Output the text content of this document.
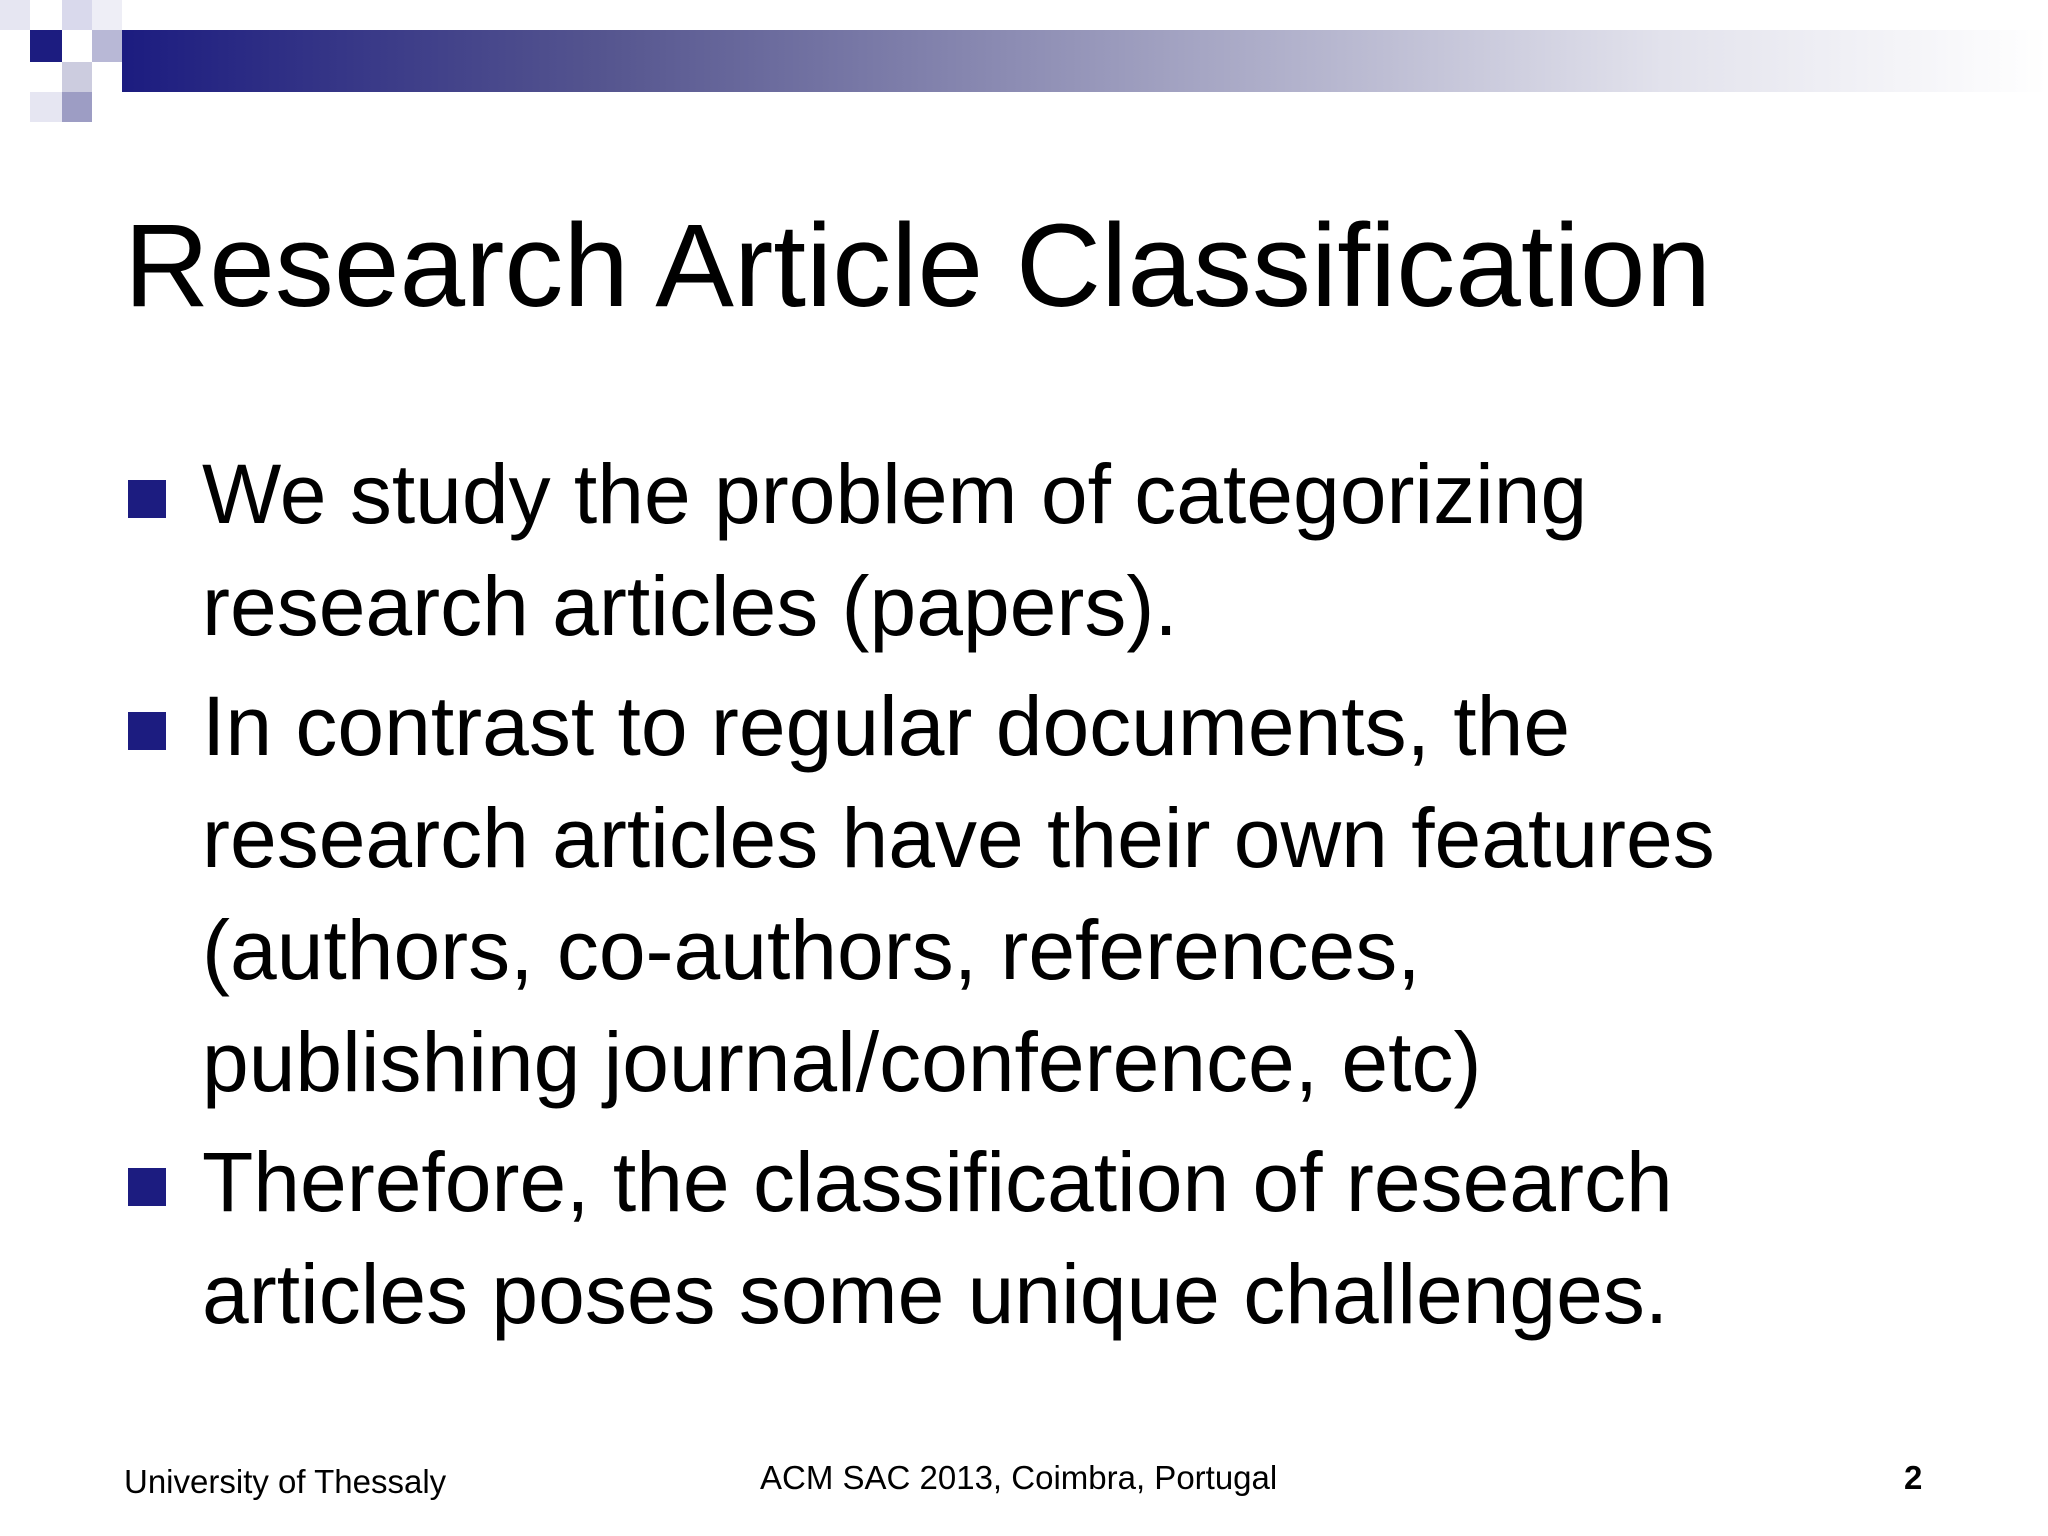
Research Article Classification
We study the problem of categorizing
research articles (papers).
In contrast to regular documents, the
research articles have their own features
(authors, co-authors, references,
publishing journal/conference, etc)
Therefore, the classification of research
articles poses some unique challenges.
University of Thessaly	ACM SAC 2013, Coimbra, Portugal	2
